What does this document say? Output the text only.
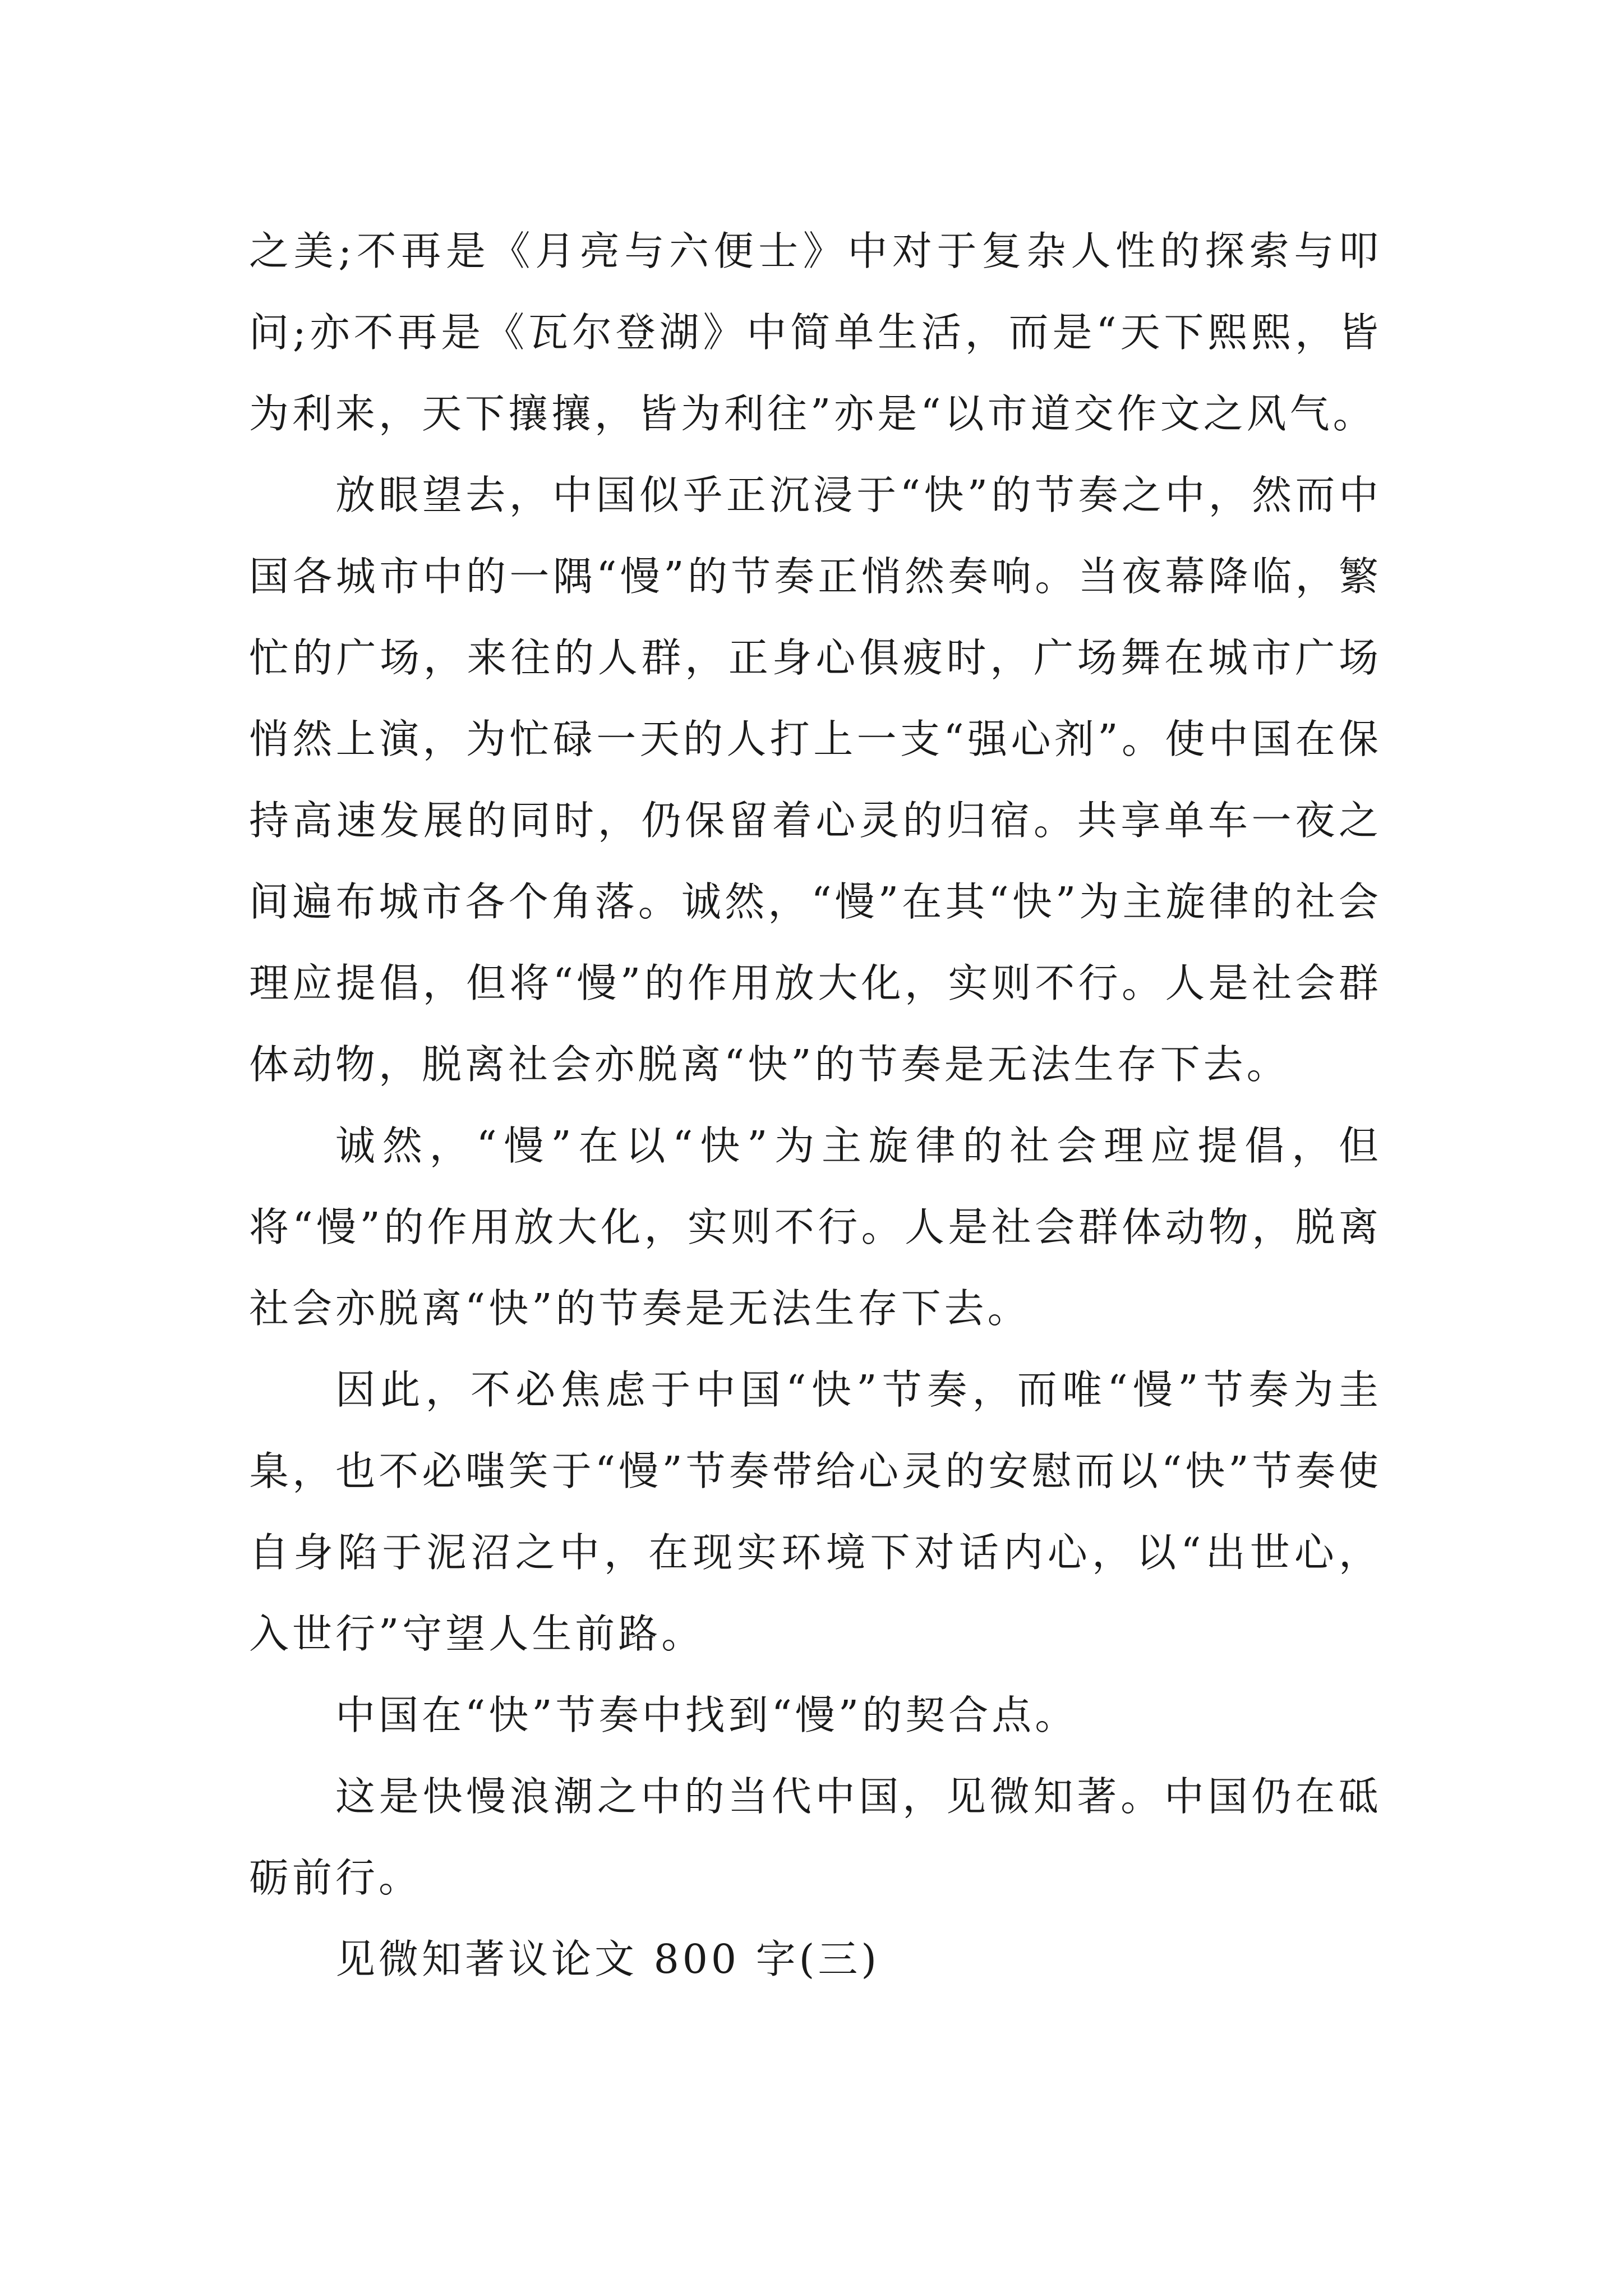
之美;不再是《月亮与六便士》中对于复杂人性的探索与叩问;亦不再是《瓦尔登湖》中简单生活，而是“天下熙熙，皆为利来，天下攘攘，皆为利往”亦是“以市道交作文之风气。

放眼望去，中国似乎正沉浸于“快”的节奏之中，然而中国各城市中的一隅“慢”的节奏正悄然奏响。当夜幕降临，繁忙的广场，来往的人群，正身心俱疲时，广场舞在城市广场悄然上演，为忙碌一天的人打上一支“强心剂”。使中国在保持高速发展的同时，仍保留着心灵的归宿。共享单车一夜之间遍布城市各个角落。诚然，“慢”在其“快”为主旋律的社会理应提倡，但将“慢”的作用放大化，实则不行。人是社会群体动物，脱离社会亦脱离“快”的节奏是无法生存下去。

诚然，“慢”在以“快”为主旋律的社会理应提倡，但将“慢”的作用放大化，实则不行。人是社会群体动物，脱离社会亦脱离“快”的节奏是无法生存下去。

因此，不必焦虑于中国“快”节奏，而唯“慢”节奏为圭臬，也不必嗤笑于“慢”节奏带给心灵的安慰而以“快”节奏使自身陷于泥沼之中，在现实环境下对话内心，以“出世心，入世行”守望人生前路。

中国在“快”节奏中找到“慢”的契合点。

这是快慢浪潮之中的当代中国，见微知著。中国仍在砥砺前行。

见微知著议论文 800 字(三)
